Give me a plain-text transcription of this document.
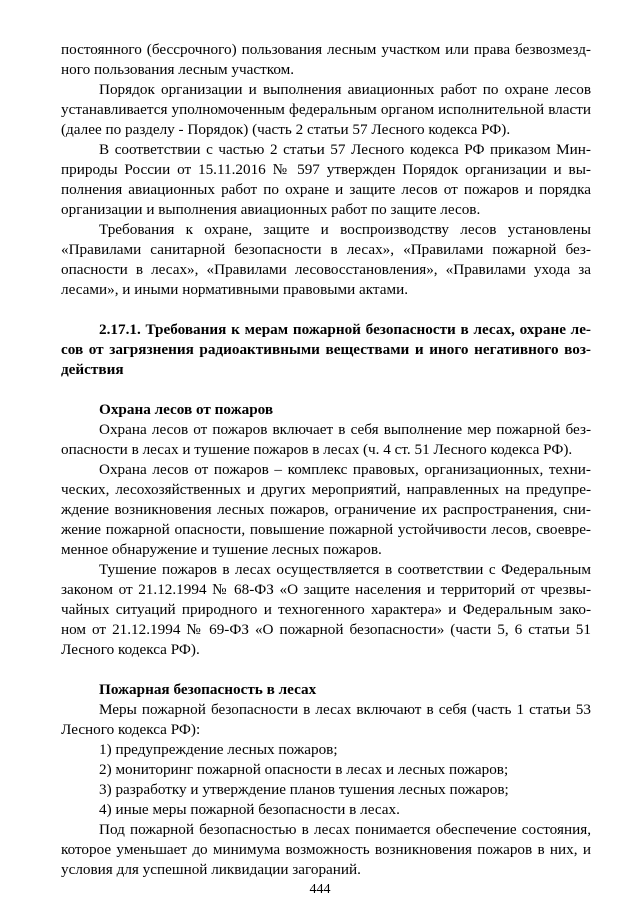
постоянного (бессрочного) пользования лесным участком или права безвозмезд-
ного пользования лесным участком.
Порядок организации и выполнения авиационных работ по охране лесов
устанавливается уполномоченным федеральным органом исполнительной власти
(далее по разделу - Порядок) (часть 2 статьи 57 Лесного кодекса РФ).
В соответствии с частью 2 статьи 57 Лесного кодекса РФ приказом Мин-
природы России от 15.11.2016 № 597 утвержден Порядок организации и вы-
полнения авиационных работ по охране и защите лесов от пожаров и порядка
организации и выполнения авиационных работ по защите лесов.
Требования к охране, защите и воспроизводству лесов установлены
«Правилами санитарной безопасности в лесах», «Правилами пожарной без-
опасности в лесах», «Правилами лесовосстановления», «Правилами ухода за
лесами», и иными нормативными правовыми актами.
2.17.1. Требования к мерам пожарной безопасности в лесах, охране ле-
сов от загрязнения радиоактивными веществами и иного негативного воз-
действия
Охрана лесов от пожаров
Охрана лесов от пожаров включает в себя выполнение мер пожарной без-
опасности в лесах и тушение пожаров в лесах (ч. 4 ст. 51 Лесного кодекса РФ).
Охрана лесов от пожаров – комплекс правовых, организационных, техни-
ческих, лесохозяйственных и других мероприятий, направленных на предупре-
ждение возникновения лесных пожаров, ограничение их распространения, сни-
жение пожарной опасности, повышение пожарной устойчивости лесов, своевре-
менное обнаружение и тушение лесных пожаров.
Тушение пожаров в лесах осуществляется в соответствии с Федеральным
законом от 21.12.1994 № 68-ФЗ «О защите населения и территорий от чрезвы-
чайных ситуаций природного и техногенного характера» и Федеральным зако-
ном от 21.12.1994 № 69-ФЗ «О пожарной безопасности» (части 5, 6 статьи 51
Лесного кодекса РФ).
Пожарная безопасность в лесах
Меры пожарной безопасности в лесах включают в себя (часть 1 статьи 53
Лесного кодекса РФ):
1) предупреждение лесных пожаров;
2) мониторинг пожарной опасности в лесах и лесных пожаров;
3) разработку и утверждение планов тушения лесных пожаров;
4) иные меры пожарной безопасности в лесах.
Под пожарной безопасностью в лесах понимается обеспечение состояния,
которое уменьшает до минимума возможность возникновения пожаров в них, и
условия для успешной ликвидации загораний.
444
